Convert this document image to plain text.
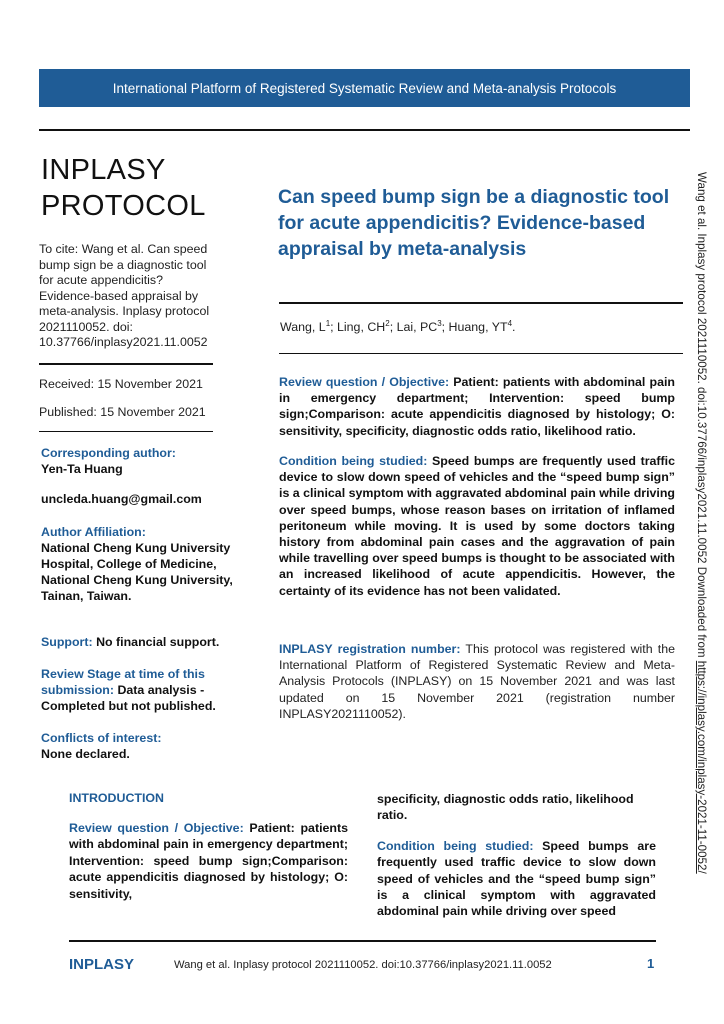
International Platform of Registered Systematic Review and Meta-analysis Protocols
INPLASY
PROTOCOL
To cite: Wang et al. Can speed bump sign be a diagnostic tool for acute appendicitis? Evidence-based appraisal by meta-analysis. Inplasy protocol 2021110052. doi: 10.37766/inplasy2021.11.0052
Received: 15 November 2021
Published: 15 November 2021
Corresponding author:
Yen-Ta Huang
uncleda.huang@gmail.com
Author Affiliation:
National Cheng Kung University Hospital, College of Medicine, National Cheng Kung University, Tainan, Taiwan.
Support: No financial support.
Review Stage at time of this submission: Data analysis - Completed but not published.
Conflicts of interest:
None declared.
Can speed bump sign be a diagnostic tool for acute appendicitis? Evidence-based appraisal by meta-analysis
Wang, $L^1$; Ling, $CH^2$; Lai, $PC^3$; Huang, $YT^4$.
Review question / Objective: Patient: patients with abdominal pain in emergency department; Intervention: speed bump sign;Comparison: acute appendicitis diagnosed by histology; O: sensitivity, specificity, diagnostic odds ratio, likelihood ratio.
Condition being studied: Speed bumps are frequently used traffic device to slow down speed of vehicles and the “speed bump sign” is a clinical symptom with aggravated abdominal pain while driving over speed bumps, whose reason bases on irritation of inflamed peritoneum while moving. It is used by some doctors taking history from abdominal pain cases and the aggravation of pain while travelling over speed bumps is thought to be associated with an increased likelihood of acute appendicitis. However, the certainty of its evidence has not been validated.
INPLASY registration number: This protocol was registered with the International Platform of Registered Systematic Review and Meta-Analysis Protocols (INPLASY) on 15 November 2021 and was last updated on 15 November 2021 (registration number INPLASY2021110052).
INTRODUCTION
Review question / Objective: Patient: patients with abdominal pain in emergency department; Intervention: speed bump sign;Comparison: acute appendicitis diagnosed by histology; O: sensitivity,
specificity, diagnostic odds ratio, likelihood ratio.
Condition being studied: Speed bumps are frequently used traffic device to slow down speed of vehicles and the “speed bump sign” is a clinical symptom with aggravated abdominal pain while driving over speed
Wang et al. Inplasy protocol 2021110052. doi:10.37766/inplasy2021.11.0052 Downloaded from https://inplasy.com/inplasy-2021-11-0052/
INPLASY	Wang et al. Inplasy protocol 2021110052. doi:10.37766/inplasy2021.11.0052	1
